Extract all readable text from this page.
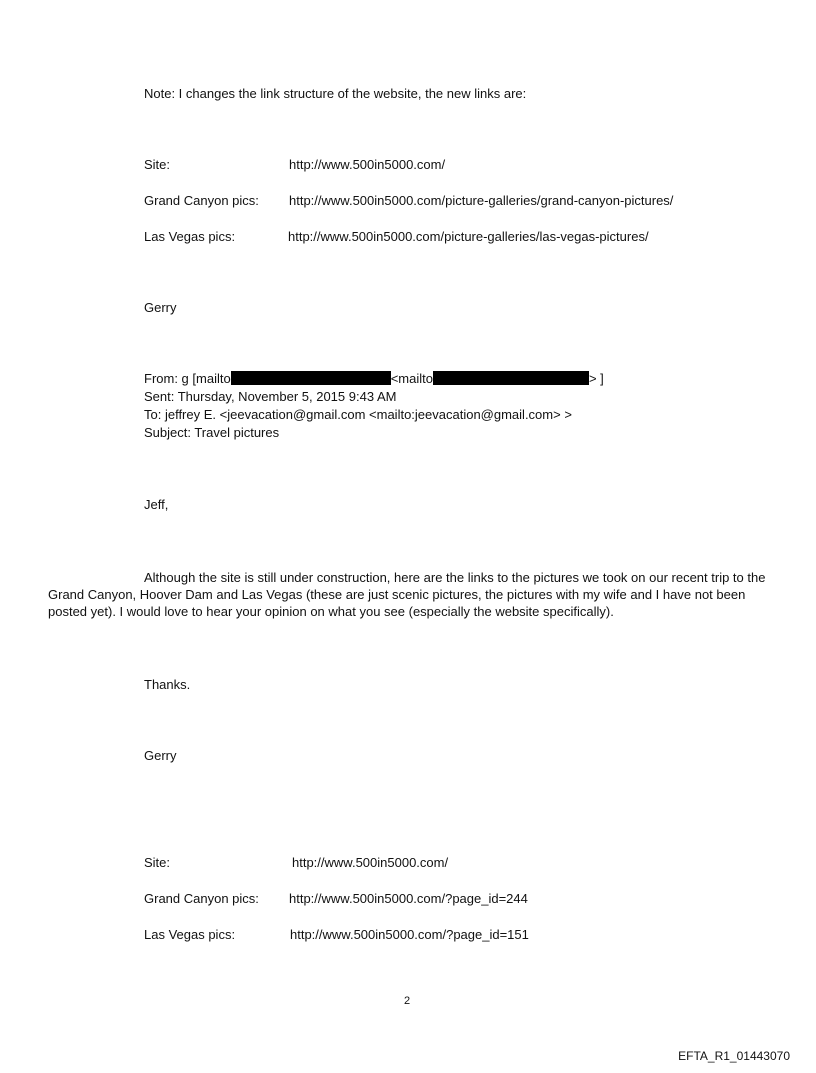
Note: I changes the link structure of the website, the new links are:
Site:	http://www.500in5000.com/
Grand Canyon pics: http://www.500in5000.com/picture-galleries/grand-canyon-pictures/
Las Vegas pics:	http://www.500in5000.com/picture-galleries/las-vegas-pictures/
Gerry
From: g [mailto	<mailto	> ]
Sent: Thursday, November 5, 2015 9:43 AM
To: jeffrey E. <jeevacation@gmail.com <mailto:jeevacation@gmail.com> >
Subject: Travel pictures
Jeff,
Although the site is still under construction, here are the links to the pictures we took on our recent trip to the Grand Canyon, Hoover Dam and Las Vegas (these are just scenic pictures, the pictures with my wife and I have not been posted yet). I would love to hear your opinion on what you see (especially the website specifically).
Thanks.
Gerry
Site:	http://www.500in5000.com/
Grand Canyon pics: http://www.500in5000.com/?page_id=244
Las Vegas pics:	http://www.500in5000.com/?page_id=151
2
EFTA_R1_01443070
